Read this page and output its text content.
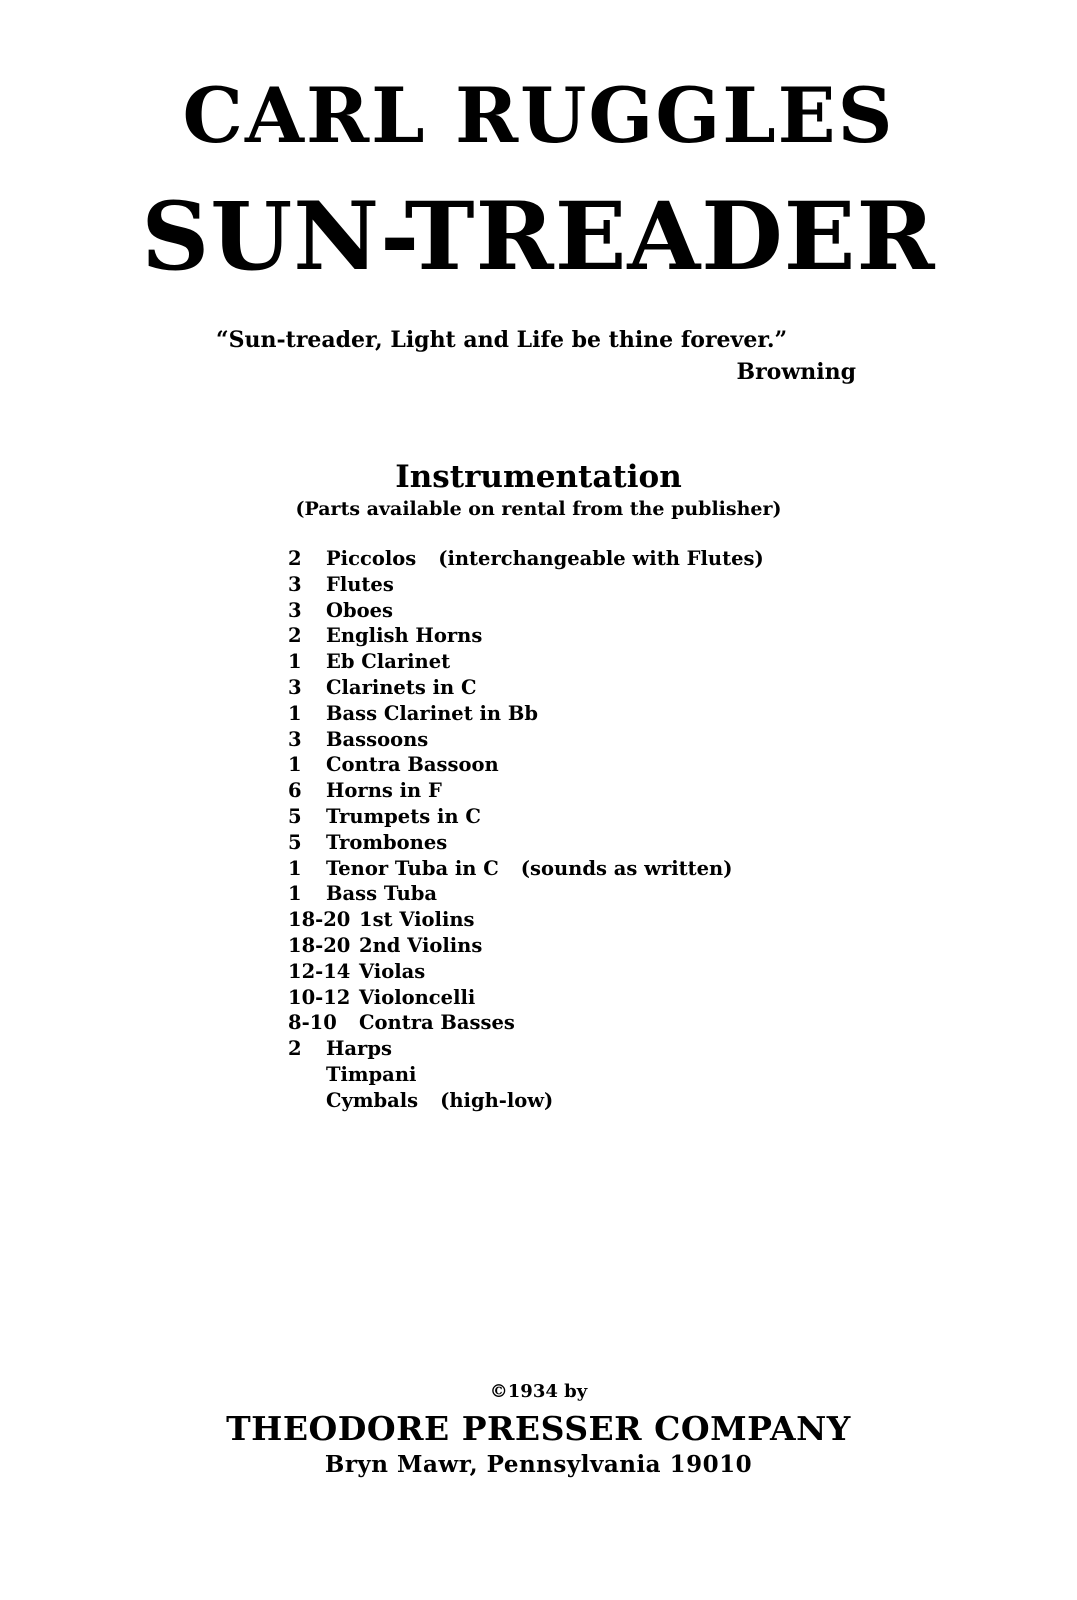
CARL RUGGLES
SUN-TREADER
“Sun-treader, Light and Life be thine forever.”
Browning
Instrumentation
(Parts available on rental from the publisher)
2 Piccolos (interchangeable with Flutes)
3 Flutes
3 Oboes
2 English Horns
1 Eb Clarinet
3 Clarinets in C
1 Bass Clarinet in Bb
3 Bassoons
1 Contra Bassoon
6 Horns in F
5 Trumpets in C
5 Trombones
1 Tenor Tuba in C (sounds as written)
1 Bass Tuba
18-20 1st Violins
18-20 2nd Violins
12-14 Violas
10-12 Violoncelli
8-10 Contra Basses
2 Harps
Timpani
Cymbals (high-low)
©1934 by
THEODORE PRESSER COMPANY
Bryn Mawr, Pennsylvania 19010
